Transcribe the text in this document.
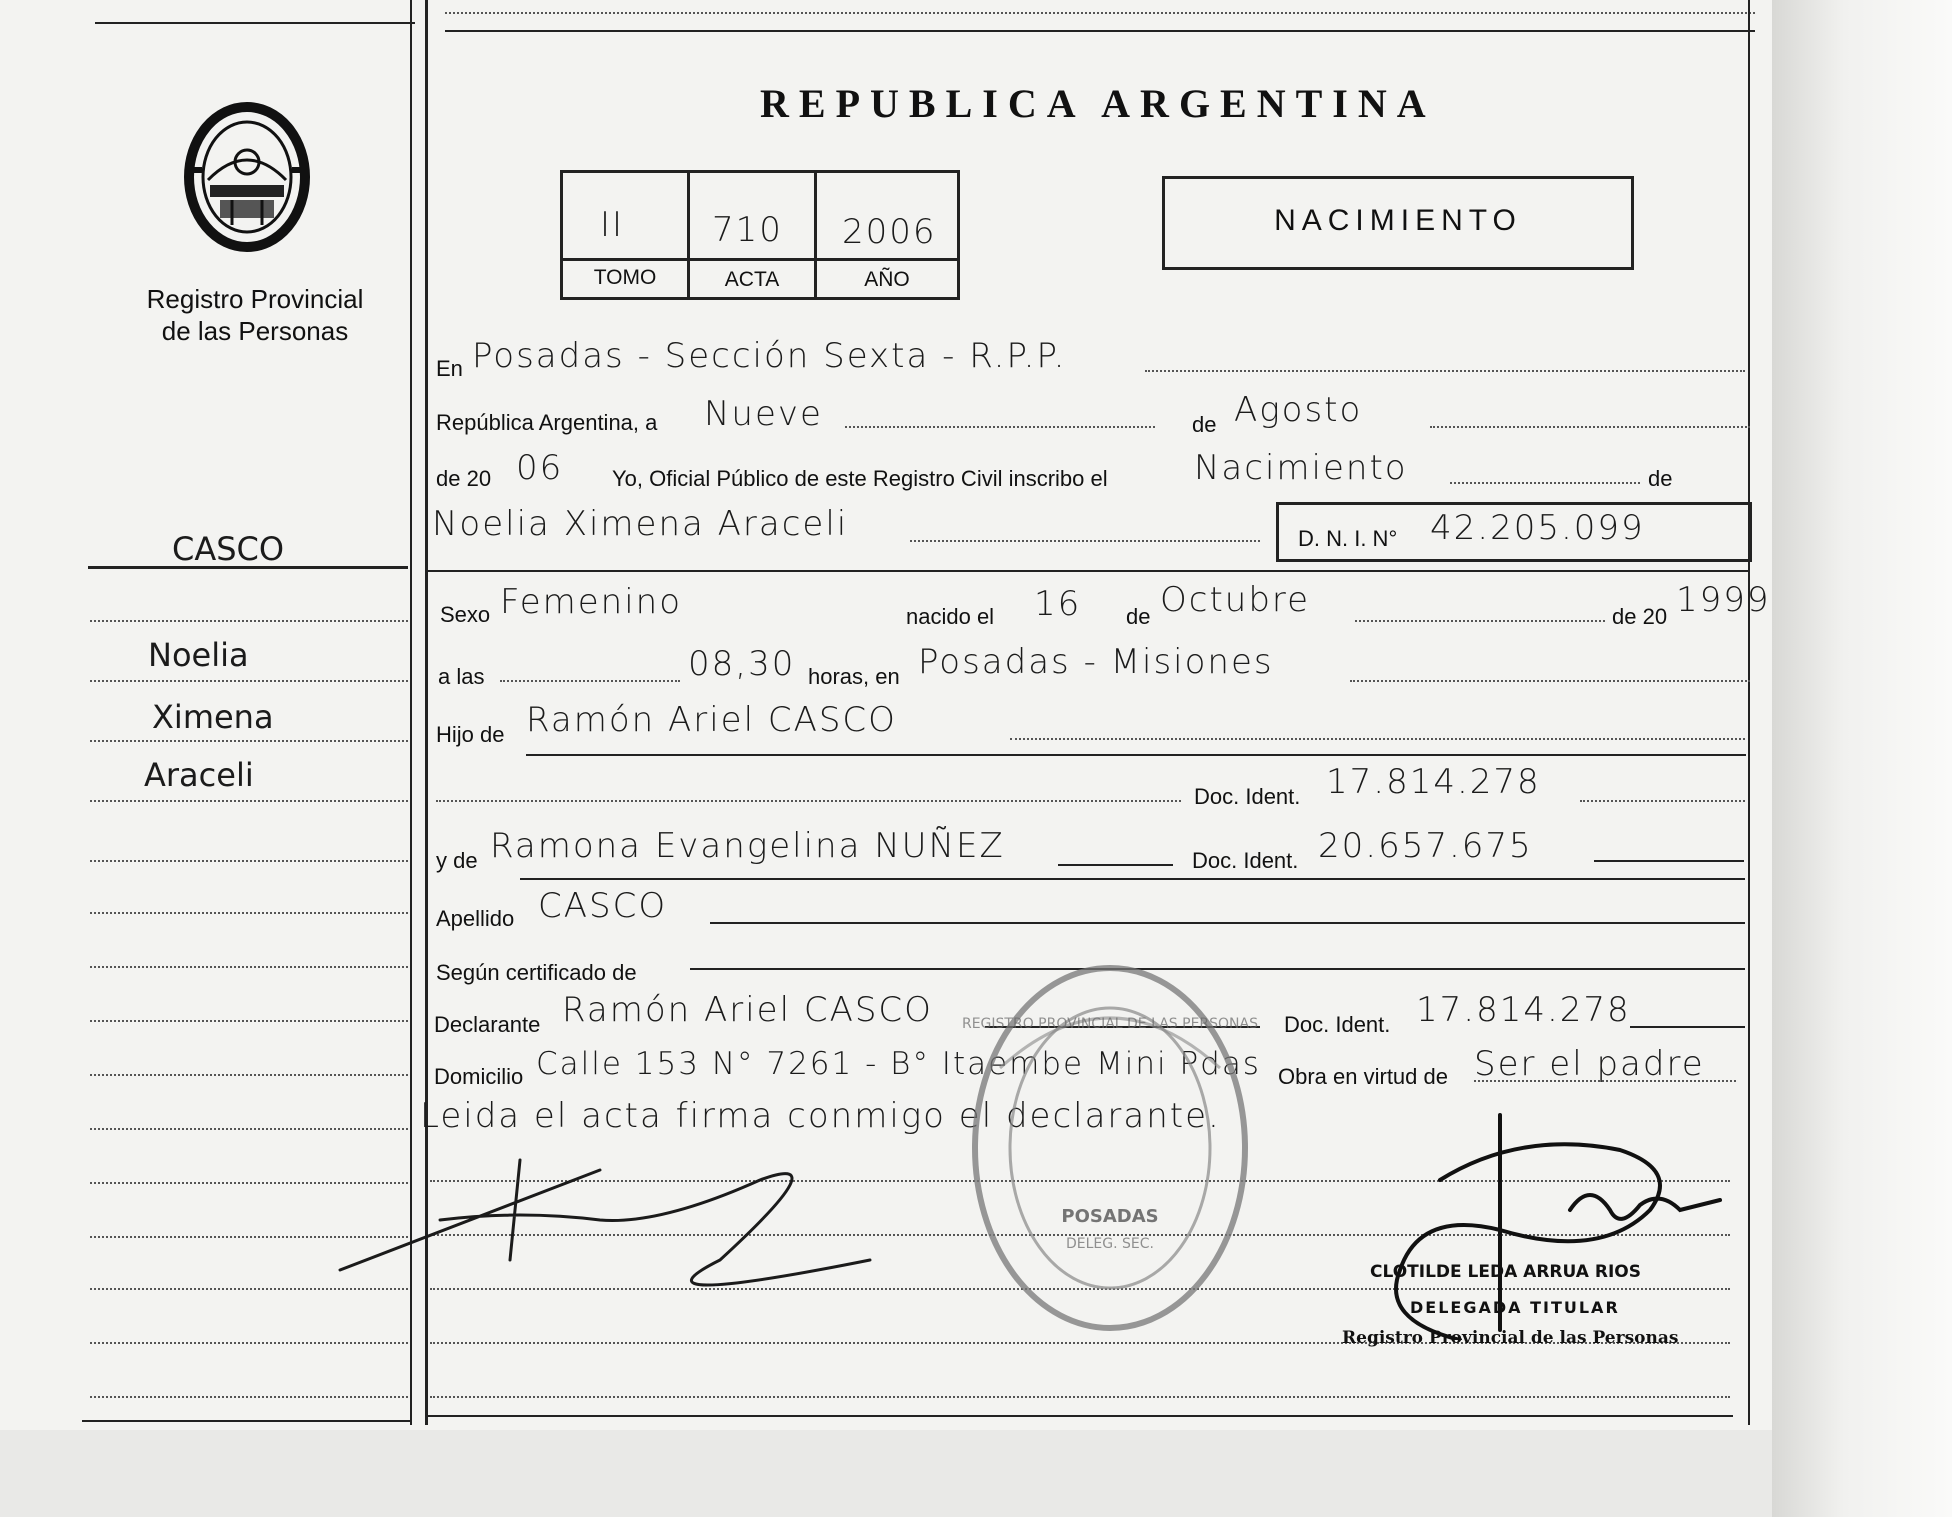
Registro Provincial
de las Personas
REPUBLICA ARGENTINA
II	710 2006
TOMO	ACTA	AÑO
NACIMIENTO
CASCO
Noelia
Ximena
Araceli
En Posadas - Sección Sexta - R.P.P.
República Argentina, a Nueve	de Agosto
de 20 06 Yo, Oficial Público de este Registro Civil inscribo el	Nacimiento	de
Noelia Ximena Araceli	D. N. I. N° 42.205.099
Sexo Femenino	nacido el 16 de Octubre	de 20 1999
a las	08,30 horas, en Posadas - Misiones
Hijo de Ramón Ariel CASCO
Doc. Ident. 17.814.278
y de Ramona Evangelina NUÑEZ	Doc. Ident. 20.657.675
Apellido CASCO
Según certificado de
Declarante Ramón Ariel CASCO	Doc. Ident. 17.814.278
Domicilio Calle 153 N° 7261 - B° Itaembe Mini Pdas Obra en virtud de Ser el padre
Leida el acta firma conmigo el declarante.
POSADAS
DELEG. SEC.
REGISTRO PROVINCIAL DE LAS PERSONAS
CLOTILDE LEDA ARRUA RIOS
DELEGADA TITULAR
Registro Provincial de las Personas
